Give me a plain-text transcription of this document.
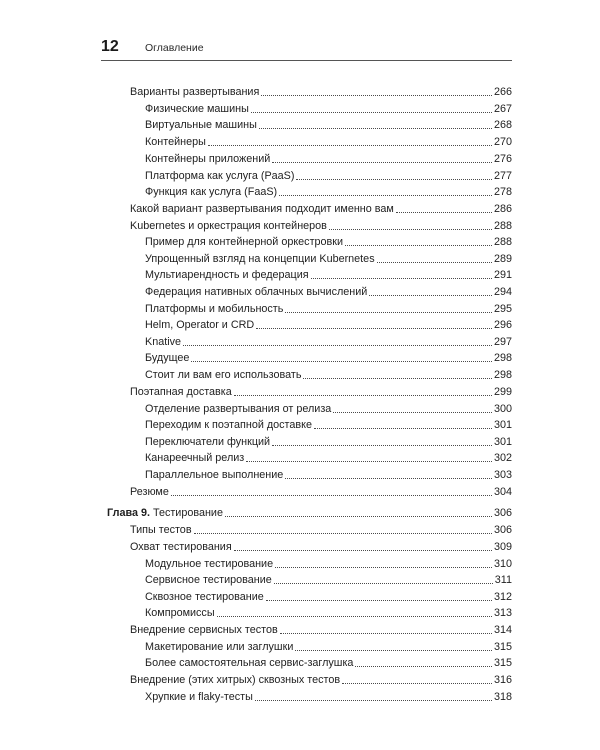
12 Оглавление
Варианты развертывания	266
Физические машины	267
Виртуальные машины	268
Контейнеры	270
Контейнеры приложений	276
Платформа как услуга (PaaS)	277
Функция как услуга (FaaS)	278
Какой вариант развертывания подходит именно вам	286
Kubernetes и оркестрация контейнеров	288
Пример для контейнерной оркестровки	288
Упрощенный взгляд на концепции Kubernetes	289
Мультиарендность и федерация	291
Федерация нативных облачных вычислений	294
Платформы и мобильность	295
Helm, Operator и CRD	296
Knative	297
Будущее	298
Стоит ли вам его использовать	298
Поэтапная доставка	299
Отделение развертывания от релиза	300
Переходим к поэтапной доставке	301
Переключатели функций	301
Канареечный релиз	302
Параллельное выполнение	303
Резюме	304
Глава 9. Тестирование	306
Типы тестов	306
Охват тестирования	309
Модульное тестирование	310
Сервисное тестирование	311
Сквозное тестирование	312
Компромиссы	313
Внедрение сервисных тестов	314
Макетирование или заглушки	315
Более самостоятельная сервис-заглушка	315
Внедрение (этих хитрых) сквозных тестов	316
Хрупкие и flaky-тесты	318
